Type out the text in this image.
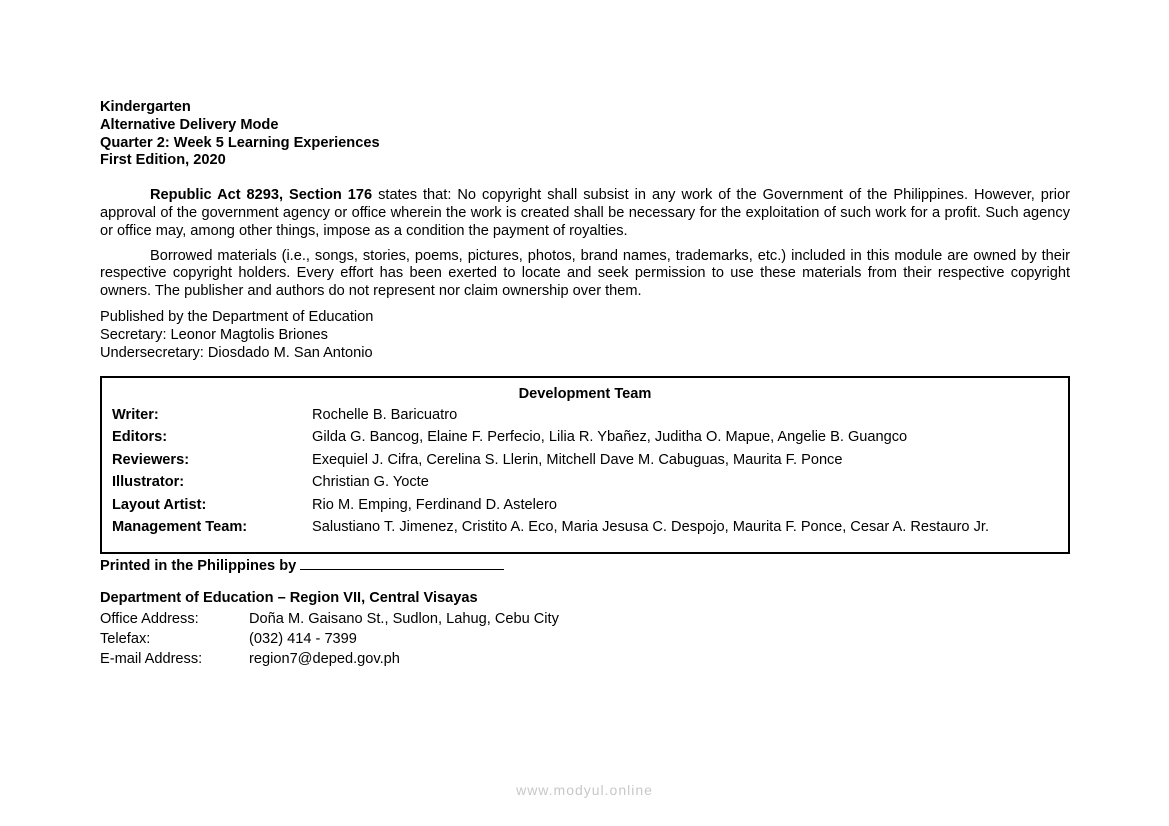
Kindergarten
Alternative Delivery Mode
Quarter 2: Week 5 Learning Experiences
First Edition, 2020

Republic Act 8293, Section 176 states that: No copyright shall subsist in any work of the Government of the Philippines. However, prior approval of the government agency or office wherein the work is created shall be necessary for the exploitation of such work for a profit. Such agency or office may, among other things, impose as a condition the payment of royalties.

Borrowed materials (i.e., songs, stories, poems, pictures, photos, brand names, trademarks, etc.) included in this module are owned by their respective copyright holders. Every effort has been exerted to locate and seek permission to use these materials from their respective copyright owners. The publisher and authors do not represent nor claim ownership over them.

Published by the Department of Education
Secretary: Leonor Magtolis Briones
Undersecretary: Diosdado M. San Antonio
Development Team
Writer:	Rochelle B. Baricuatro
Editors:	Gilda G. Bancog, Elaine F. Perfecio, Lilia R. Ybañez, Juditha O. Mapue, Angelie B. Guangco
Reviewers:	Exequiel J. Cifra, Cerelina S. Llerin, Mitchell Dave M. Cabuguas, Maurita F. Ponce
Illustrator:	Christian G. Yocte
Layout Artist:	Rio M. Emping, Ferdinand D. Astelero
Management Team:	Salustiano T. Jimenez, Cristito A. Eco, Maria Jesusa C. Despojo, Maurita F. Ponce, Cesar A. Restauro Jr.
Printed in the Philippines by
Department of Education – Region VII, Central Visayas
Office Address:	Doña M. Gaisano St., Sudlon, Lahug, Cebu City
Telefax:	(032) 414 - 7399
E-mail Address:	region7@deped.gov.ph
www.modyul.online
